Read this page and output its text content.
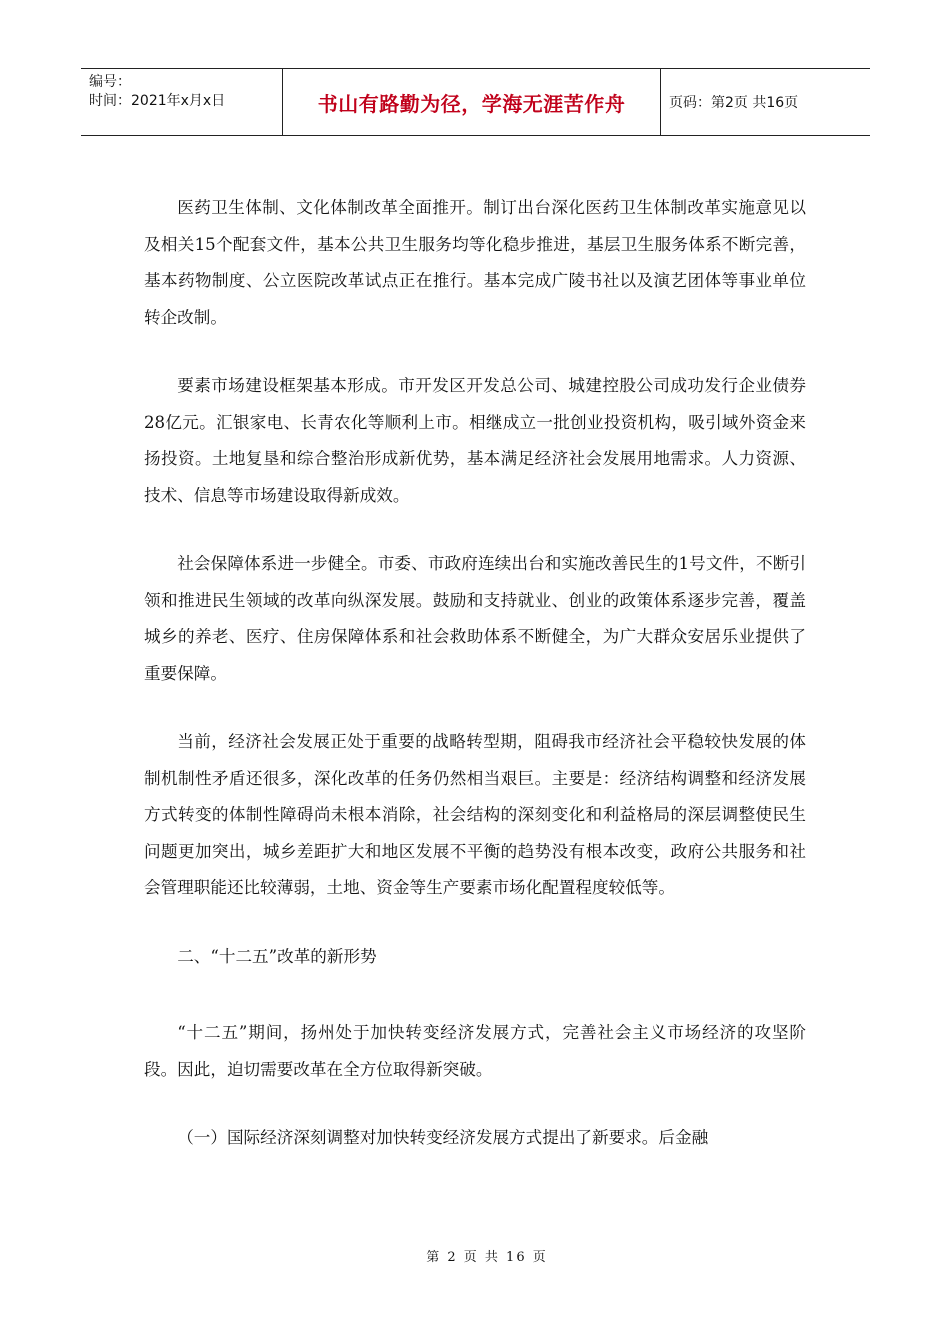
编号：
时间：2021年x月x日	书山有路勤为径，学海无涯苦作舟	页码：第2页 共16页

医药卫生体制、文化体制改革全面推开。制订出台深化医药卫生体制改革实施意见以及相关15个配套文件，基本公共卫生服务均等化稳步推进，基层卫生服务体系不断完善，基本药物制度、公立医院改革试点正在推行。基本完成广陵书社以及演艺团体等事业单位转企改制。

要素市场建设框架基本形成。市开发区开发总公司、城建控股公司成功发行企业债券28亿元。汇银家电、长青农化等顺利上市。相继成立一批创业投资机构，吸引域外资金来扬投资。土地复垦和综合整治形成新优势，基本满足经济社会发展用地需求。人力资源、技术、信息等市场建设取得新成效。

社会保障体系进一步健全。市委、市政府连续出台和实施改善民生的1号文件，不断引领和推进民生领域的改革向纵深发展。鼓励和支持就业、创业的政策体系逐步完善，覆盖城乡的养老、医疗、住房保障体系和社会救助体系不断健全，为广大群众安居乐业提供了重要保障。

当前，经济社会发展正处于重要的战略转型期，阻碍我市经济社会平稳较快发展的体制机制性矛盾还很多，深化改革的任务仍然相当艰巨。主要是：经济结构调整和经济发展方式转变的体制性障碍尚未根本消除，社会结构的深刻变化和利益格局的深层调整使民生问题更加突出，城乡差距扩大和地区发展不平衡的趋势没有根本改变，政府公共服务和社会管理职能还比较薄弱，土地、资金等生产要素市场化配置程度较低等。

二、“十二五”改革的新形势

“十二五”期间，扬州处于加快转变经济发展方式，完善社会主义市场经济的攻坚阶段。因此，迫切需要改革在全方位取得新突破。

（一）国际经济深刻调整对加快转变经济发展方式提出了新要求。后金融

第 2 页 共 16 页
